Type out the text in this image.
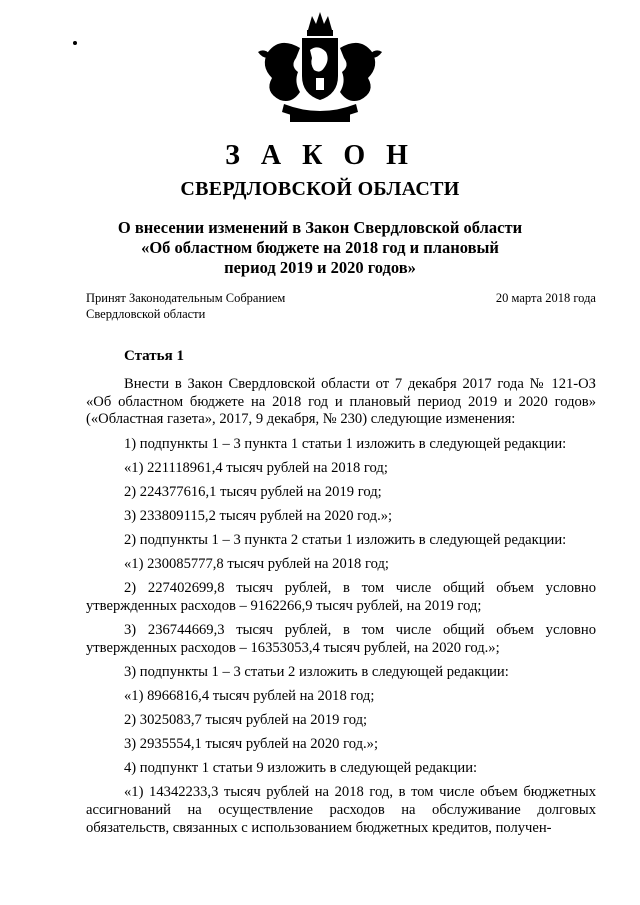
З А К О Н
СВЕРДЛОВСКОЙ ОБЛАСТИ
О внесении изменений в Закон Свердловской области
«Об областном бюджете на 2018 год и плановый
период 2019 и 2020 годов»
Принят Законодательным Собранием
Свердловской области
20 марта 2018 года
Статья 1

Внести в Закон Свердловской области от 7 декабря 2017 года № 121-ОЗ «Об областном бюджете на 2018 год и плановый период 2019 и 2020 годов» («Областная газета», 2017, 9 декабря, № 230) следующие изменения:

1) подпункты 1 – 3 пункта 1 статьи 1 изложить в следующей редакции:

«1) 221118961,4 тысяч рублей на 2018 год;

2) 224377616,1 тысяч рублей на 2019 год;

3) 233809115,2 тысяч рублей на 2020 год.»;

2) подпункты 1 – 3 пункта 2 статьи 1 изложить в следующей редакции:

«1) 230085777,8 тысяч рублей на 2018 год;

2) 227402699,8 тысяч рублей, в том числе общий объем условно утвержденных расходов – 9162266,9 тысяч рублей, на 2019 год;

3) 236744669,3 тысяч рублей, в том числе общий объем условно утвержденных расходов – 16353053,4 тысяч рублей, на 2020 год.»;

3) подпункты 1 – 3 статьи 2 изложить в следующей редакции:

«1) 8966816,4 тысяч рублей на 2018 год;

2) 3025083,7 тысяч рублей на 2019 год;

3) 2935554,1 тысяч рублей на 2020 год.»;

4) подпункт 1 статьи 9 изложить в следующей редакции:

«1) 14342233,3 тысяч рублей на 2018 год, в том числе объем бюджетных ассигнований на осуществление расходов на обслуживание долговых обязательств, связанных с использованием бюджетных кредитов, получен-
